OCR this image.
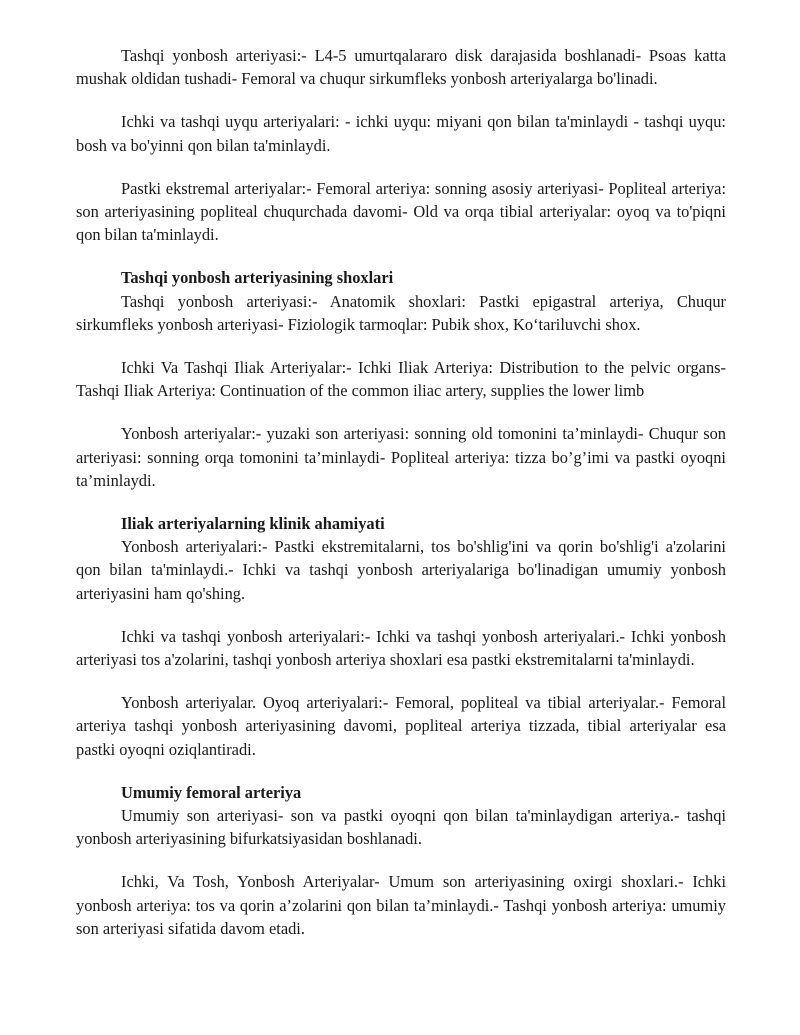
Tashqi yonbosh arteriyasi:- L4-5 umurtqalararo disk darajasida boshlanadi- Psoas katta mushak oldidan tushadi- Femoral va chuqur sirkumfleks yonbosh arteriyalarga bo'linadi.

Ichki va tashqi uyqu arteriyalari: - ichki uyqu: miyani qon bilan ta'minlaydi - tashqi uyqu: bosh va bo'yinni qon bilan ta'minlaydi.

Pastki ekstremal arteriyalar:- Femoral arteriya: sonning asosiy arteriyasi- Popliteal arteriya: son arteriyasining popliteal chuqurchada davomi- Old va orqa tibial arteriyalar: oyoq va to'piqni qon bilan ta'minlaydi.

Tashqi yonbosh arteriyasining shoxlari

Tashqi yonbosh arteriyasi:- Anatomik shoxlari: Pastki epigastral arteriya, Chuqur sirkumfleks yonbosh arteriyasi- Fiziologik tarmoqlar: Pubik shox, Koʻtariluvchi shox.

Ichki Va Tashqi Iliak Arteriyalar:- Ichki Iliak Arteriya: Distribution to the pelvic organs- Tashqi Iliak Arteriya: Continuation of the common iliac artery, supplies the lower limb

Yonbosh arteriyalar:- yuzaki son arteriyasi: sonning old tomonini ta’minlaydi- Chuqur son arteriyasi: sonning orqa tomonini ta’minlaydi- Popliteal arteriya: tizza bo’g’imi va pastki oyoqni ta’minlaydi.

Iliak arteriyalarning klinik ahamiyati

Yonbosh arteriyalari:- Pastki ekstremitalarni, tos bo'shlig'ini va qorin bo'shlig'i a'zolarini qon bilan ta'minlaydi.- Ichki va tashqi yonbosh arteriyalariga bo'linadigan umumiy yonbosh arteriyasini ham qo'shing.

Ichki va tashqi yonbosh arteriyalari:- Ichki va tashqi yonbosh arteriyalari.- Ichki yonbosh arteriyasi tos a'zolarini, tashqi yonbosh arteriya shoxlari esa pastki ekstremitalarni ta'minlaydi.

Yonbosh arteriyalar. Oyoq arteriyalari:- Femoral, popliteal va tibial arteriyalar.- Femoral arteriya tashqi yonbosh arteriyasining davomi, popliteal arteriya tizzada, tibial arteriyalar esa pastki oyoqni oziqlantiradi.

Umumiy femoral arteriya

Umumiy son arteriyasi- son va pastki oyoqni qon bilan ta'minlaydigan arteriya.- tashqi yonbosh arteriyasining bifurkatsiyasidan boshlanadi.

Ichki, Va Tosh, Yonbosh Arteriyalar- Umum son arteriyasining oxirgi shoxlari.- Ichki yonbosh arteriya: tos va qorin a’zolarini qon bilan ta’minlaydi.- Tashqi yonbosh arteriya: umumiy son arteriyasi sifatida davom etadi.
